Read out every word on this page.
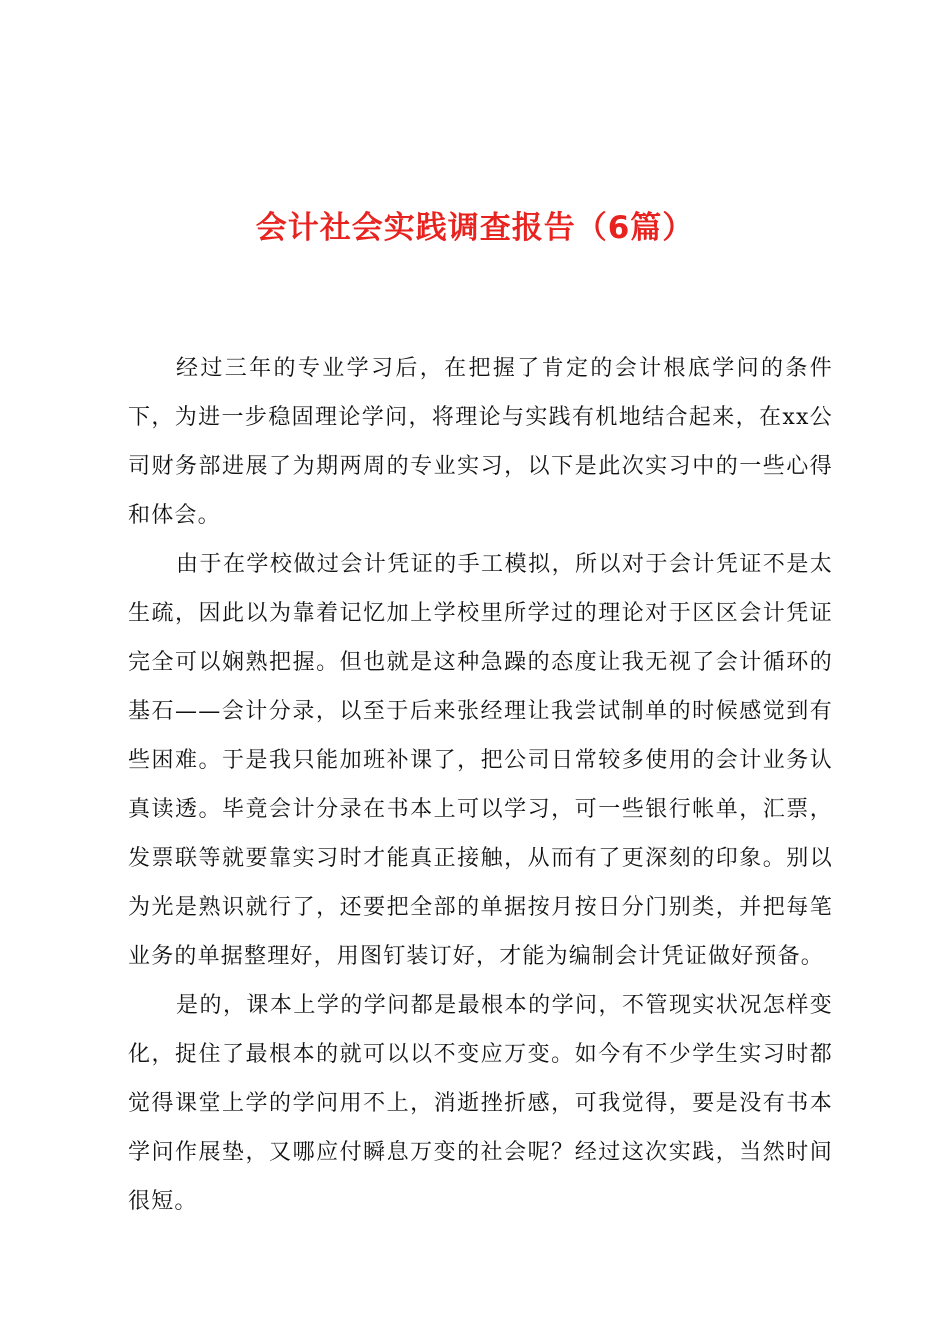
会计社会实践调查报告（6篇）

经过三年的专业学习后，在把握了肯定的会计根底学问的条件下，为进一步稳固理论学问，将理论与实践有机地结合起来，在xx公司财务部进展了为期两周的专业实习，以下是此次实习中的一些心得和体会。

由于在学校做过会计凭证的手工模拟，所以对于会计凭证不是太生疏，因此以为靠着记忆加上学校里所学过的理论对于区区会计凭证完全可以娴熟把握。但也就是这种急躁的态度让我无视了会计循环的基石——会计分录，以至于后来张经理让我尝试制单的时候感觉到有些困难。于是我只能加班补课了，把公司日常较多使用的会计业务认真读透。毕竟会计分录在书本上可以学习，可一些银行帐单，汇票，发票联等就要靠实习时才能真正接触，从而有了更深刻的印象。别以为光是熟识就行了，还要把全部的单据按月按日分门别类，并把每笔业务的单据整理好，用图钉装订好，才能为编制会计凭证做好预备。

是的，课本上学的学问都是最根本的学问，不管现实状况怎样变化，捉住了最根本的就可以以不变应万变。如今有不少学生实习时都觉得课堂上学的学问用不上，消逝挫折感，可我觉得，要是没有书本学问作展垫，又哪应付瞬息万变的社会呢？经过这次实践，当然时间很短。
